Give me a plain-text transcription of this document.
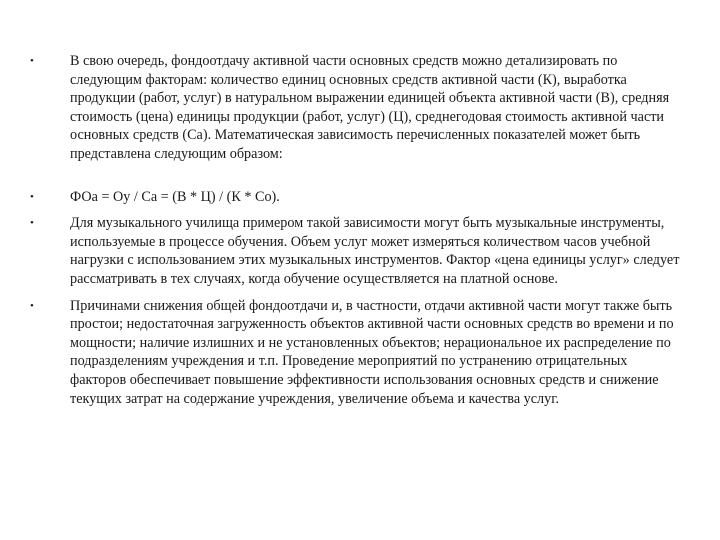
•	В свою очередь, фондоотдачу активной части основных средств можно детализировать по следующим факторам: количество единиц основных средств активной части (К), выработка продукции (работ, услуг) в натуральном выражении единицей объекта активной части (В), средняя стоимость (цена) единицы продукции (работ, услуг) (Ц), среднегодовая стоимость активной части основных средств (Са). Математическая зависимость перечисленных показателей может быть представлена следующим образом:
•	ФОа = Оу / Са = (В * Ц) / (К * Со).
•	Для музыкального училища примером такой зависимости могут быть музыкальные инструменты, используемые в процессе обучения. Объем услуг может измеряться количеством часов учебной нагрузки с использованием этих музыкальных инструментов. Фактор «цена единицы услуг» следует рассматривать в тех случаях, когда обучение осуществляется на платной основе.
•	Причинами снижения общей фондоотдачи и, в частности, отдачи активной части могут также быть простои; недостаточная загруженность объектов активной части основных средств во времени и по мощности; наличие излишних и не установленных объектов; нерациональное их распределение по подразделениям учреждения и т.п. Проведение мероприятий по устранению отрицательных факторов обеспечивает повышение эффективности использования основных средств и снижение текущих затрат на содержание учреждения, увеличение объема и качества услуг.
